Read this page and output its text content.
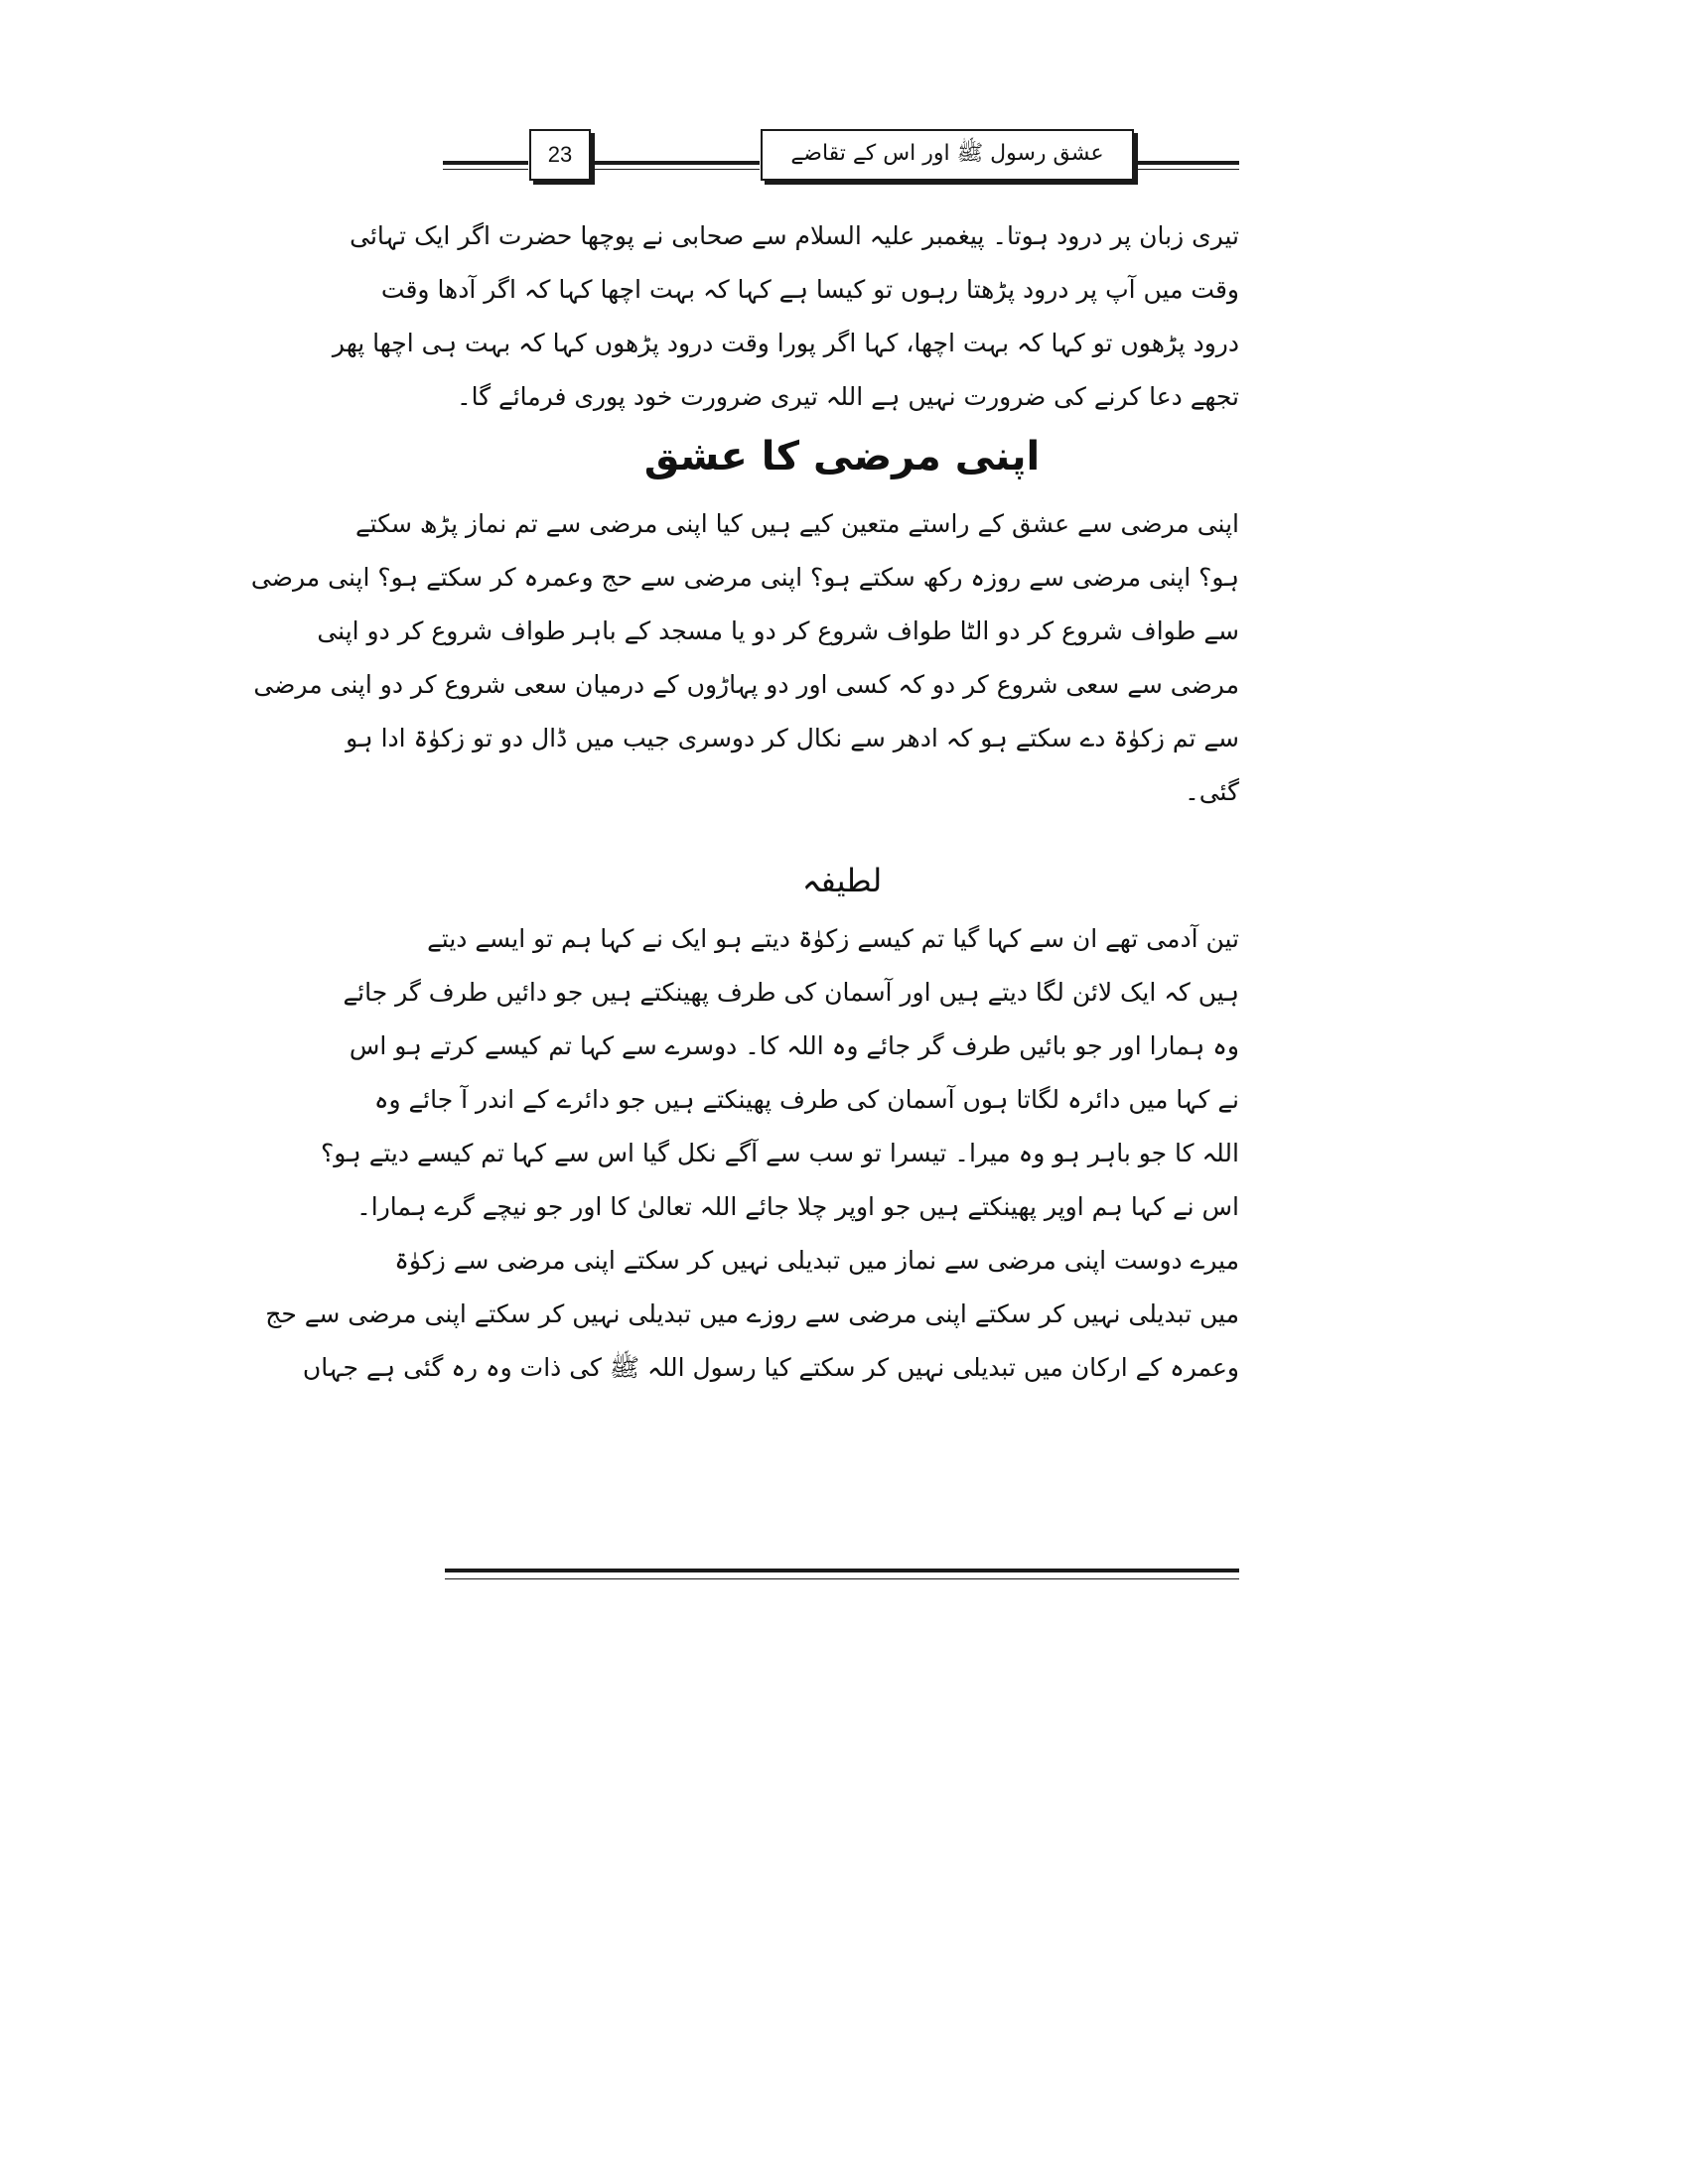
23	عشق رسول ﷺ اور اس کے تقاضے
تیری زبان پر درود ہوتا۔ پیغمبر علیہ السلام سے صحابی نے پوچھا حضرت اگر ایک تہائی
وقت میں آپ پر درود پڑھتا رہوں تو کیسا ہے کہا کہ بہت اچھا کہا کہ اگر آدھا وقت
درود پڑھوں تو کہا کہ بہت اچھا، کہا اگر پورا وقت درود پڑھوں کہا کہ بہت ہی اچھا پھر
تجھے دعا کرنے کی ضرورت نہیں ہے اللہ تیری ضرورت خود پوری فرمائے گا۔
اپنی مرضی کا عشق
اپنی مرضی سے عشق کے راستے متعین کیے ہیں کیا اپنی مرضی سے تم نماز پڑھ سکتے
ہو؟ اپنی مرضی سے روزہ رکھ سکتے ہو؟ اپنی مرضی سے حج وعمرہ کر سکتے ہو؟ اپنی مرضی
سے طواف شروع کر دو الٹا طواف شروع کر دو یا مسجد کے باہر طواف شروع کر دو اپنی
مرضی سے سعی شروع کر دو کہ کسی اور دو پہاڑوں کے درمیان سعی شروع کر دو اپنی مرضی
سے تم زکوٰۃ دے سکتے ہو کہ ادھر سے نکال کر دوسری جیب میں ڈال دو تو زکوٰۃ ادا ہو
گئی۔
لطیفہ
تین آدمی تھے ان سے کہا گیا تم کیسے زکوٰۃ دیتے ہو ایک نے کہا ہم تو ایسے دیتے
ہیں کہ ایک لائن لگا دیتے ہیں اور آسمان کی طرف پھینکتے ہیں جو دائیں طرف گر جائے
وہ ہمارا اور جو بائیں طرف گر جائے وہ اللہ کا۔ دوسرے سے کہا تم کیسے کرتے ہو اس
نے کہا میں دائرہ لگاتا ہوں آسمان کی طرف پھینکتے ہیں جو دائرے کے اندر آ جائے وہ
اللہ کا جو باہر ہو وہ میرا۔ تیسرا تو سب سے آگے نکل گیا اس سے کہا تم کیسے دیتے ہو؟
اس نے کہا ہم اوپر پھینکتے ہیں جو اوپر چلا جائے اللہ تعالیٰ کا اور جو نیچے گرے ہمارا۔
میرے دوست اپنی مرضی سے نماز میں تبدیلی نہیں کر سکتے اپنی مرضی سے زکوٰۃ
میں تبدیلی نہیں کر سکتے اپنی مرضی سے روزے میں تبدیلی نہیں کر سکتے اپنی مرضی سے حج
وعمرہ کے ارکان میں تبدیلی نہیں کر سکتے کیا رسول اللہ ﷺ کی ذات وہ رہ گئی ہے جہاں
